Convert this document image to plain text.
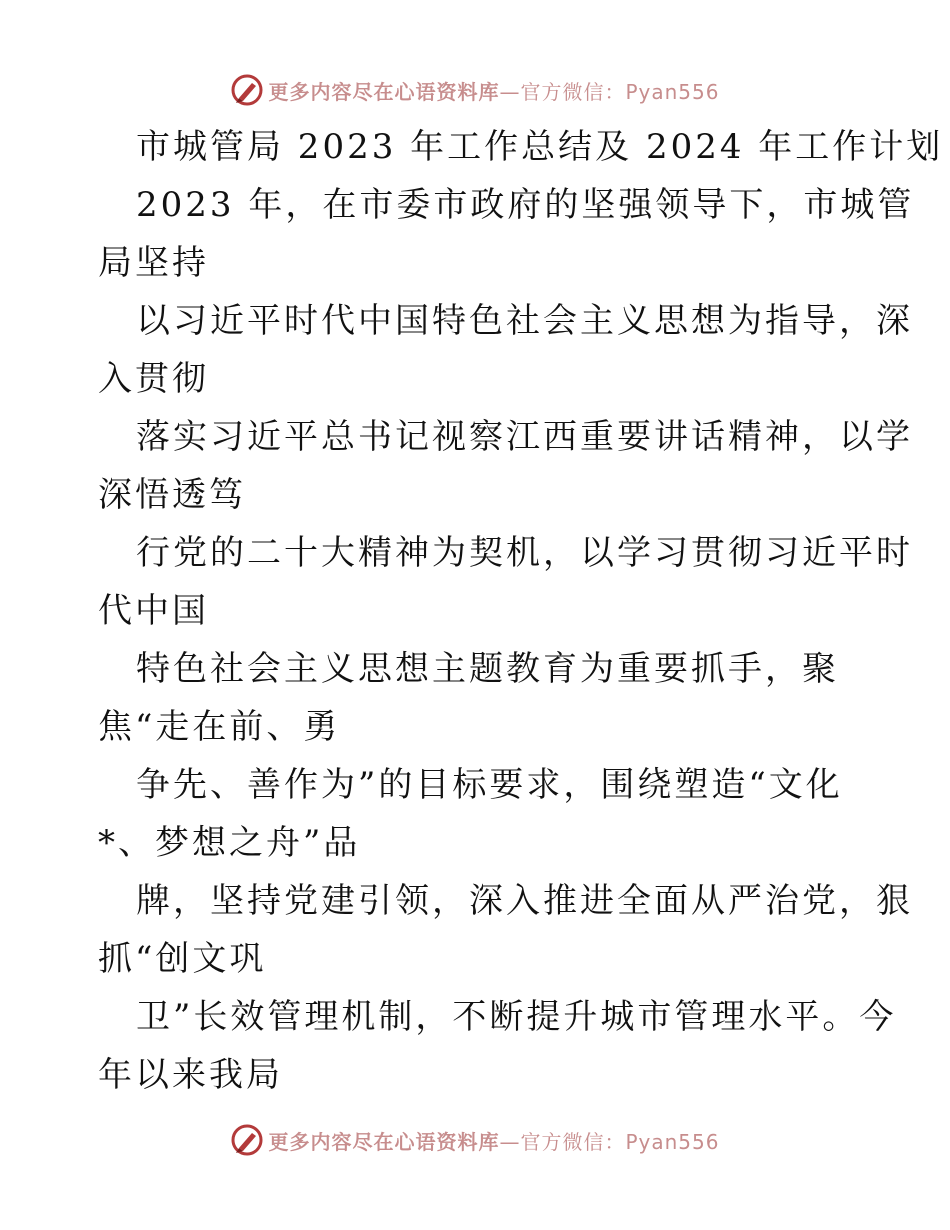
更多内容尽在心语资料库 —官方微信：Pyan556
市城管局 2023 年工作总结及 2024 年工作计划
2023 年，在市委市政府的坚强领导下，市城管
局坚持
以习近平时代中国特色社会主义思想为指导，深
入贯彻
落实习近平总书记视察江西重要讲话精神，以学
深悟透笃
行党的二十大精神为契机，以学习贯彻习近平时
代中国
特色社会主义思想主题教育为重要抓手，聚
焦“走在前、勇
争先、善作为”的目标要求，围绕塑造“文化
*、梦想之舟”品
牌，坚持党建引领，深入推进全面从严治党，狠
抓“创文巩
卫”长效管理机制，不断提升城市管理水平。今
年以来我局
更多内容尽在心语资料库 —官方微信：Pyan556
